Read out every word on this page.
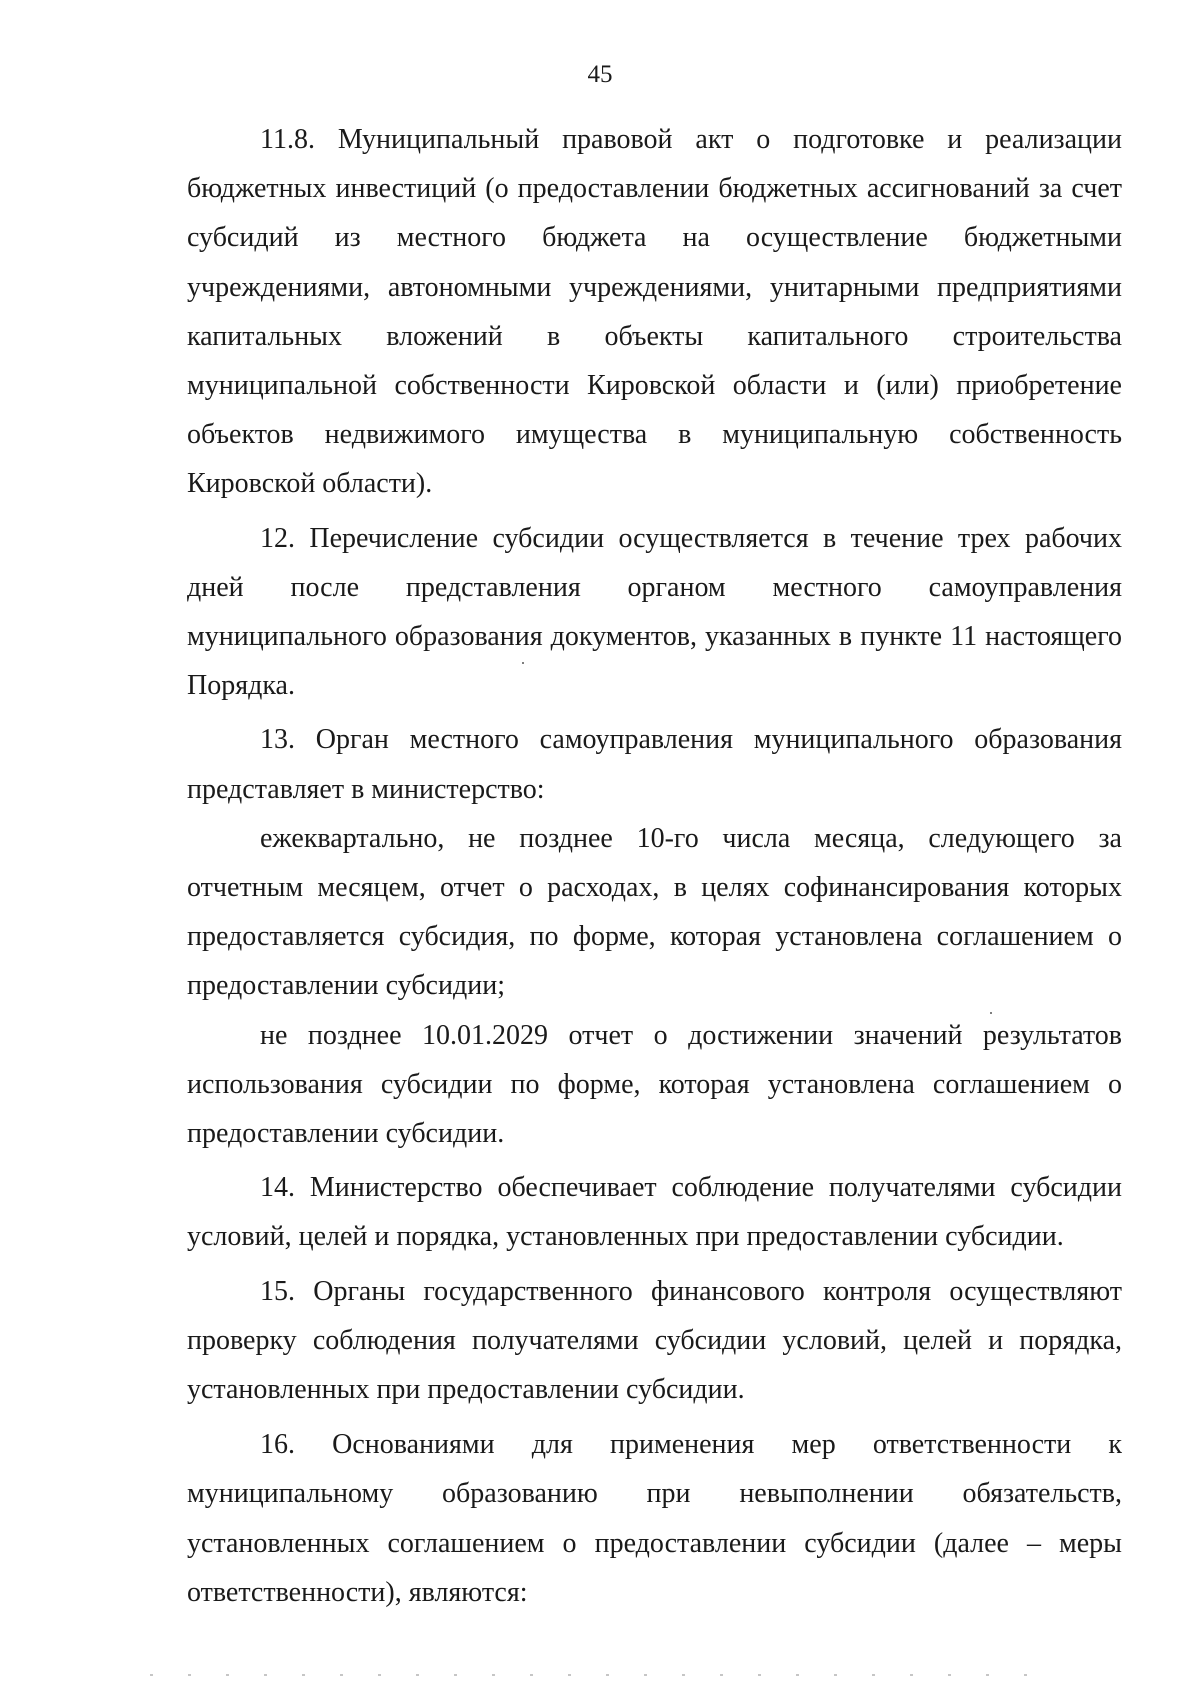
45

11.8. Муниципальный правовой акт о подготовке и реализации бюджетных инвестиций (о предоставлении бюджетных ассигнований за счет субсидий из местного бюджета на осуществление бюджетными учреждениями, автономными учреждениями, унитарными предприятиями капитальных вложений в объекты капитального строительства муниципальной собственности Кировской области и (или) приобретение объектов недвижимого имущества в муниципальную собственность Кировской области).

12. Перечисление субсидии осуществляется в течение трех рабочих дней после представления органом местного самоуправления муниципального образования документов, указанных в пункте 11 настоящего Порядка.

13. Орган местного самоуправления муниципального образования представляет в министерство:

ежеквартально, не позднее 10-го числа месяца, следующего за отчетным месяцем, отчет о расходах, в целях софинансирования которых предоставляется субсидия, по форме, которая установлена соглашением о предоставлении субсидии;

не позднее 10.01.2029 отчет о достижении значений результатов использования субсидии по форме, которая установлена соглашением о предоставлении субсидии.

14. Министерство обеспечивает соблюдение получателями субсидии условий, целей и порядка, установленных при предоставлении субсидии.

15. Органы государственного финансового контроля осуществляют проверку соблюдения получателями субсидии условий, целей и порядка, установленных при предоставлении субсидии.

16. Основаниями для применения мер ответственности к муниципальному образованию при невыполнении обязательств, установленных соглашением о предоставлении субсидии (далее – меры ответственности), являются:
